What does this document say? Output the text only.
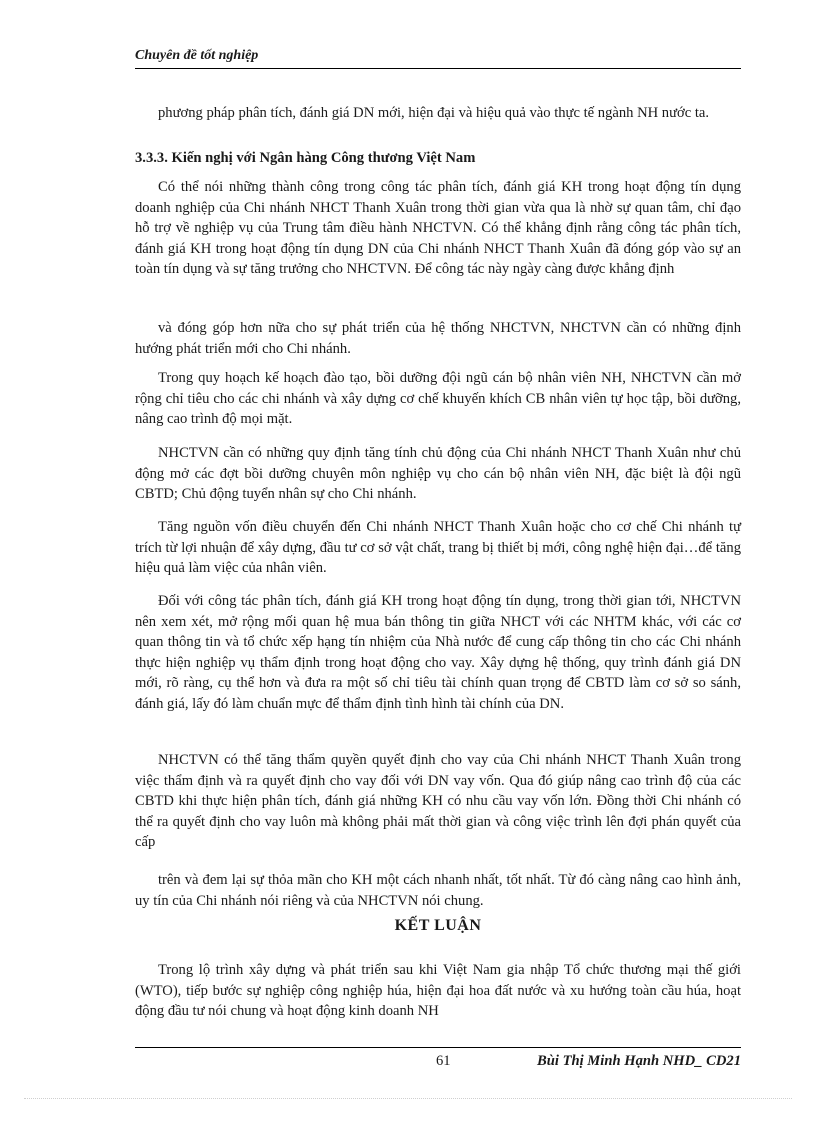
Chuyên đề tốt nghiệp

phương pháp phân tích, đánh giá DN mới, hiện đại và hiệu quả vào thực tế ngành NH nước ta.

3.3.3. Kiến nghị với Ngân hàng Công thương Việt Nam

Có thể nói những thành công trong công tác phân tích, đánh giá KH trong hoạt động tín dụng doanh nghiệp của Chi nhánh NHCT Thanh Xuân trong thời gian vừa qua là nhờ sự quan tâm, chỉ đạo hỗ trợ về nghiệp vụ của Trung tâm điều hành NHCTVN. Có thể khẳng định rằng công tác phân tích, đánh giá KH trong hoạt động tín dụng DN của Chi nhánh NHCT Thanh Xuân đã đóng góp vào sự an toàn tín dụng và sự tăng trưởng cho NHCTVN. Để công tác này ngày càng được khẳng định

và đóng góp hơn nữa cho sự phát triển của hệ thống NHCTVN, NHCTVN cần có những định hướng phát triển mới cho Chi nhánh.

Trong quy hoạch kế hoạch đào tạo, bồi dưỡng đội ngũ cán bộ nhân viên NH, NHCTVN cần mở rộng chỉ tiêu cho các chi nhánh và xây dựng cơ chế khuyến khích CB nhân viên tự học tập, bồi dưỡng, nâng cao trình độ mọi mặt.

NHCTVN cần có những quy định tăng tính chủ động của Chi nhánh NHCT Thanh Xuân như chủ động mở các đợt bồi dưỡng chuyên môn nghiệp vụ cho cán bộ nhân viên NH, đặc biệt là đội ngũ CBTD; Chủ động tuyển nhân sự cho Chi nhánh.

Tăng nguồn vốn điều chuyển đến Chi nhánh NHCT Thanh Xuân hoặc cho cơ chế Chi nhánh tự trích từ lợi nhuận để xây dựng, đầu tư cơ sở vật chất, trang bị thiết bị mới, công nghệ hiện đại…để tăng hiệu quả làm việc của nhân viên.

Đối với công tác phân tích, đánh giá KH trong hoạt động tín dụng, trong thời gian tới, NHCTVN nên xem xét, mở rộng mối quan hệ mua bán thông tin giữa NHCT với các NHTM khác, với các cơ quan thông tin và tổ chức xếp hạng tín nhiệm của Nhà nước để cung cấp thông tin cho các Chi nhánh thực hiện nghiệp vụ thẩm định trong hoạt động cho vay. Xây dựng hệ thống, quy trình đánh giá DN mới, rõ ràng, cụ thể hơn và đưa ra một số chỉ tiêu tài chính quan trọng để CBTD làm cơ sở so sánh, đánh giá, lấy đó làm chuẩn mực để thẩm định tình hình tài chính của DN.

NHCTVN có thể tăng thẩm quyền quyết định cho vay của Chi nhánh NHCT Thanh Xuân trong việc thẩm định và ra quyết định cho vay đối với DN vay vốn. Qua đó giúp nâng cao trình độ của các CBTD khi thực hiện phân tích, đánh giá những KH có nhu cầu vay vốn lớn. Đồng thời Chi nhánh có thể ra quyết định cho vay luôn mà không phải mất thời gian và công việc trình lên đợi phán quyết của cấp

trên và đem lại sự thỏa mãn cho KH một cách nhanh nhất, tốt nhất. Từ đó càng nâng cao hình ảnh, uy tín của Chi nhánh nói riêng và của NHCTVN nói chung.

KẾT LUẬN

Trong lộ trình xây dựng và phát triển sau khi Việt Nam gia nhập Tổ chức thương mại thế giới (WTO), tiếp bước sự nghiệp công nghiệp húa, hiện đại hoa đất nước và xu hướng toàn cầu húa, hoạt động đầu tư nói chung và hoạt động kinh doanh NH

61	Bùi Thị Minh Hạnh NHD_ CD21
